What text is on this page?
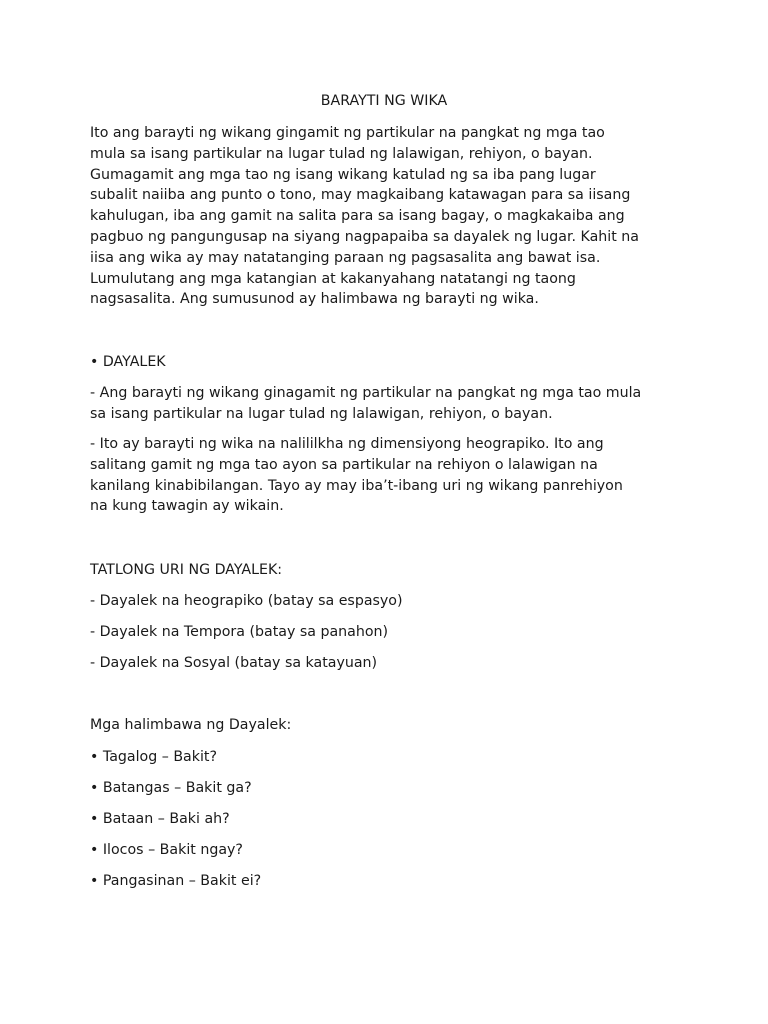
BARAYTI NG WIKA

Ito ang barayti ng wikang gingamit ng partikular na pangkat ng mga tao
mula sa isang partikular na lugar tulad ng lalawigan, rehiyon, o bayan.
Gumagamit ang mga tao ng isang wikang katulad ng sa iba pang lugar
subalit naiiba ang punto o tono, may magkaibang katawagan para sa iisang
kahulugan, iba ang gamit na salita para sa isang bagay, o magkakaiba ang
pagbuo ng pangungusap na siyang nagpapaiba sa dayalek ng lugar. Kahit na
iisa ang wika ay may natatanging paraan ng pagsasalita ang bawat isa.
Lumulutang ang mga katangian at kakanyahang natatangi ng taong
nagsasalita. Ang sumusunod ay halimbawa ng barayti ng wika.

• DAYALEK

- Ang barayti ng wikang ginagamit ng partikular na pangkat ng mga tao mula
sa isang partikular na lugar tulad ng lalawigan, rehiyon, o bayan.

- Ito ay barayti ng wika na nalililkha ng dimensiyong heograpiko. Ito ang
salitang gamit ng mga tao ayon sa partikular na rehiyon o lalawigan na
kanilang kinabibilangan. Tayo ay may iba’t-ibang uri ng wikang panrehiyon
na kung tawagin ay wikain.

TATLONG URI NG DAYALEK:

- Dayalek na heograpiko (batay sa espasyo)

- Dayalek na Tempora (batay sa panahon)

- Dayalek na Sosyal (batay sa katayuan)

Mga halimbawa ng Dayalek:

• Tagalog – Bakit?

• Batangas – Bakit ga?

• Bataan – Baki ah?

• Ilocos – Bakit ngay?

• Pangasinan – Bakit ei?
